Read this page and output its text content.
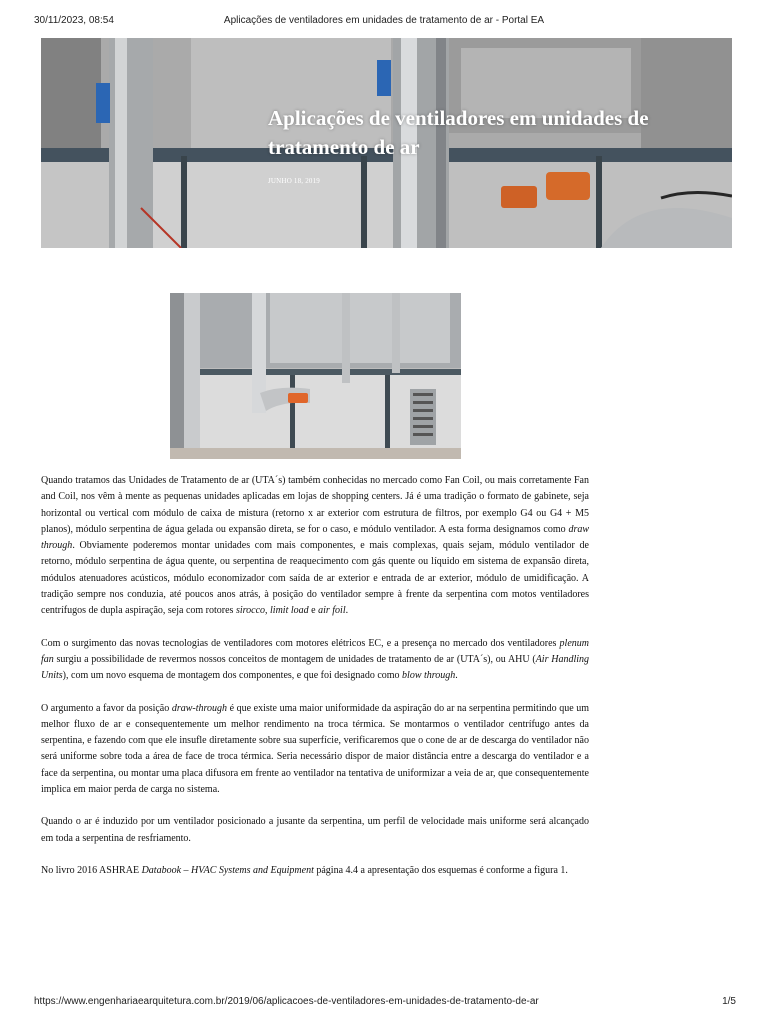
30/11/2023, 08:54	Aplicações de ventiladores em unidades de tratamento de ar - Portal EA
Aplicações de ventiladores em unidades de tratamento de ar
JUNHO 18, 2019

Quando tratamos das Unidades de Tratamento de ar (UTA´s) também conhecidas no mercado como Fan Coil, ou mais corretamente Fan and Coil, nos vêm à mente as pequenas unidades aplicadas em lojas de shopping centers. Já é uma tradição o formato de gabinete, seja horizontal ou vertical com módulo de caixa de mistura (retorno x ar exterior com estrutura de filtros, por exemplo G4 ou G4 + M5 planos), módulo serpentina de água gelada ou expansão direta, se for o caso, e módulo ventilador. A esta forma designamos como draw through. Obviamente poderemos montar unidades com mais componentes, e mais complexas, quais sejam, módulo ventilador de retorno, módulo serpentina de água quente, ou serpentina de reaquecimento com gás quente ou líquido em sistema de expansão direta, módulos atenuadores acústicos, módulo economizador com saída de ar exterior e entrada de ar exterior, módulo de umidificação. A tradição sempre nos conduzia, até poucos anos atrás, à posição do ventilador sempre à frente da serpentina com motos ventiladores centrífugos de dupla aspiração, seja com rotores sirocco, limit load e air foil.

Com o surgimento das novas tecnologias de ventiladores com motores elétricos EC, e a presença no mercado dos ventiladores plenum fan surgiu a possibilidade de revermos nossos conceitos de montagem de unidades de tratamento de ar (UTA´s), ou AHU (Air Handling Units), com um novo esquema de montagem dos componentes, e que foi designado como blow through.

O argumento a favor da posição draw-through é que existe uma maior uniformidade da aspiração do ar na serpentina permitindo que um melhor fluxo de ar e consequentemente um melhor rendimento na troca térmica. Se montarmos o ventilador centrífugo antes da serpentina, e fazendo com que ele insufle diretamente sobre sua superfície, verificaremos que o cone de ar de descarga do ventilador não será uniforme sobre toda a área de face de troca térmica. Seria necessário dispor de maior distância entre a descarga do ventilador e a face da serpentina, ou montar uma placa difusora em frente ao ventilador na tentativa de uniformizar a veia de ar, que consequentemente implica em maior perda de carga no sistema.

Quando o ar é induzido por um ventilador posicionado a jusante da serpentina, um perfil de velocidade mais uniforme será alcançado em toda a serpentina de resfriamento.

No livro 2016 ASHRAE Databook – HVAC Systems and Equipment página 4.4 a apresentação dos esquemas é conforme a figura 1.

https://www.engenhariaearquitetura.com.br/2019/06/aplicacoes-de-ventiladores-em-unidades-de-tratamento-de-ar	1/5
